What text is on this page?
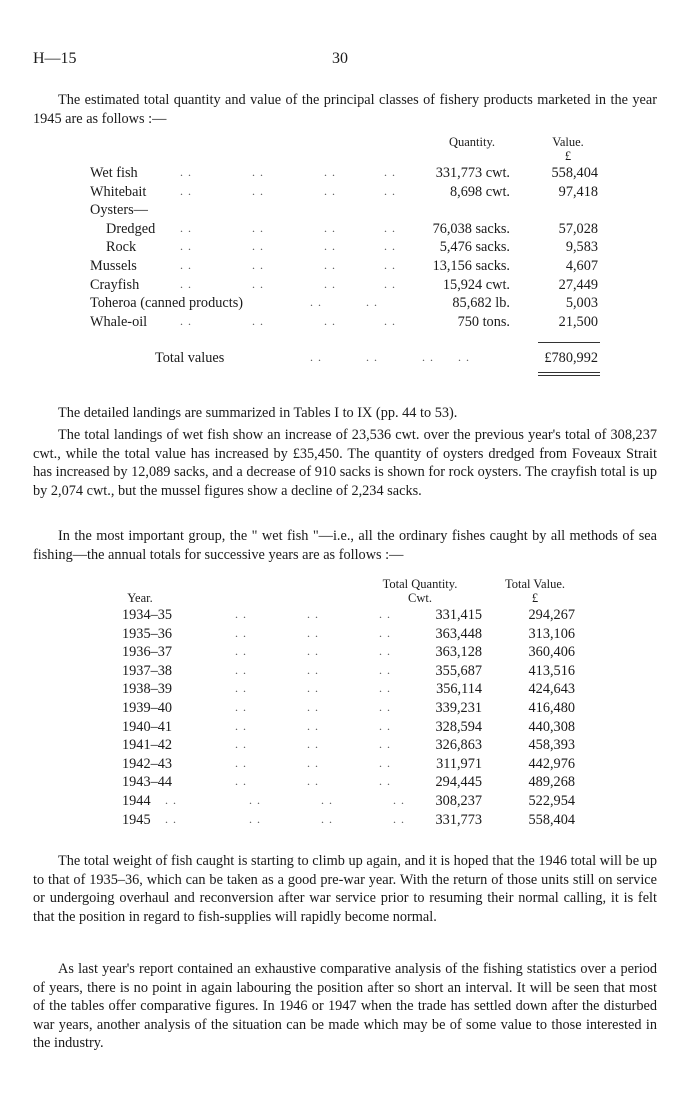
H—15	30

The estimated total quantity and value of the principal classes of fishery products marketed in the year 1945 are as follows :—

Quantity.	Value.
£
Wet fish	. .               . .               . .            . .	331,773 cwt.	558,404
Whitebait	. .               . .               . .            . .	8,698 cwt.	97,418
Oysters—
Dredged . .               . .               . .            . .	76,038 sacks.	57,028
Rock	. .               . .               . .            . .	5,476 sacks.	9,583
Mussels	. .               . .               . .            . .	13,156 sacks.	4,607
Crayfish	. .               . .               . .            . .	15,924 cwt.	27,449
Toheroa (canned products)	. .           . .	85,682 lb.	5,003
Whale-oil	. .               . .               . .            . .	750 tons.	21,500
Total values	. .           . .           . .      . .	£780,992

The detailed landings are summarized in Tables I to IX (pp. 44 to 53).

The total landings of wet fish show an increase of 23,536 cwt. over the previous year's total of 308,237 cwt., while the total value has increased by £35,450. The quantity of oysters dredged from Foveaux Strait has increased by 12,089 sacks, and a decrease of 910 sacks is shown for rock oysters. The crayfish total is up by 2,074 cwt., but the mussel figures show a decline of 2,234 sacks.

In the most important group, the " wet fish "—i.e., all the ordinary fishes caught by all methods of sea fishing—the annual totals for successive years are as follows :—

Total Quantity.
Cwt.
Total Value.
£
Year.
1934–35	. .               . .               . .	331,415	294,267
1935–36	. .               . .               . .	363,448	313,106
1936–37	. .               . .               . .	363,128	360,406
1937–38	. .               . .               . .	355,687	413,516
1938–39	. .               . .               . .	356,114	424,643
1939–40	. .               . .               . .	339,231	416,480
1940–41	. .               . .               . .	328,594	440,308
1941–42	. .               . .               . .	326,863	458,393
1942–43	. .               . .               . .	311,971	442,976
1943–44	. .               . .               . .	294,445	489,268
1944 . .                  . .               . .               . . 308,237	522,954
1945 . .                  . .               . .               . . 331,773	558,404

The total weight of fish caught is starting to climb up again, and it is hoped that the 1946 total will be up to that of 1935–36, which can be taken as a good pre-war year. With the return of those units still on service or undergoing overhaul and reconversion after war service prior to resuming their normal calling, it is felt that the position in regard to fish-supplies will rapidly become normal.

As last year's report contained an exhaustive comparative analysis of the fishing statistics over a period of years, there is no point in again labouring the position after so short an interval. It will be seen that most of the tables offer comparative figures. In 1946 or 1947 when the trade has settled down after the disturbed war years, another analysis of the situation can be made which may be of some value to those interested in the industry.
